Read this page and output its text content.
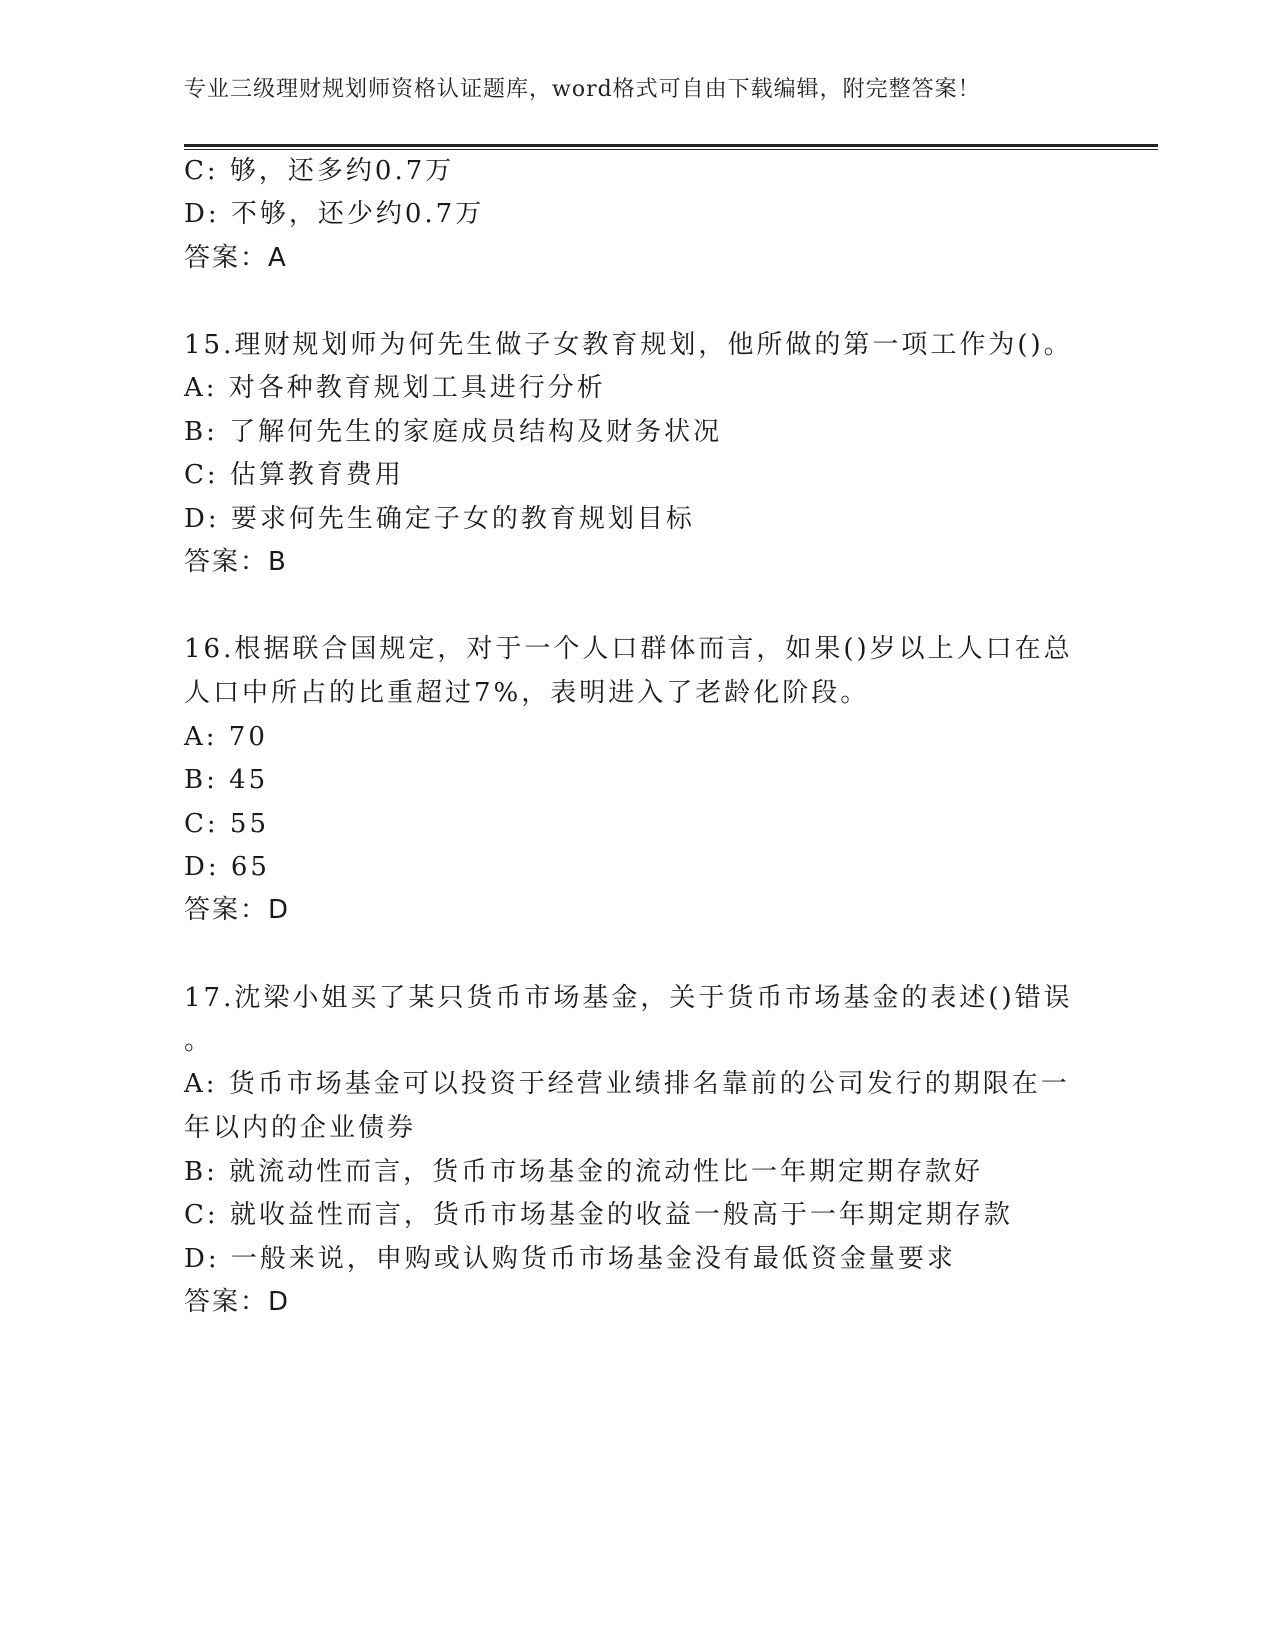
专业三级理财规划师资格认证题库，word格式可自由下载编辑，附完整答案！
C: 够，还多约0.7万
D: 不够，还少约0.7万
答案：A
15.理财规划师为何先生做子女教育规划，他所做的第一项工作为()。
A: 对各种教育规划工具进行分析
B: 了解何先生的家庭成员结构及财务状况
C: 估算教育费用
D: 要求何先生确定子女的教育规划目标
答案：B
16.根据联合国规定，对于一个人口群体而言，如果()岁以上人口在总
人口中所占的比重超过7%，表明进入了老龄化阶段。
A: 70
B: 45
C: 55
D: 65
答案：D
17.沈梁小姐买了某只货币市场基金，关于货币市场基金的表述()错误
。
A: 货币市场基金可以投资于经营业绩排名靠前的公司发行的期限在一
年以内的企业债券
B: 就流动性而言，货币市场基金的流动性比一年期定期存款好
C: 就收益性而言，货币市场基金的收益一般高于一年期定期存款
D: 一般来说，申购或认购货币市场基金没有最低资金量要求
答案：D
